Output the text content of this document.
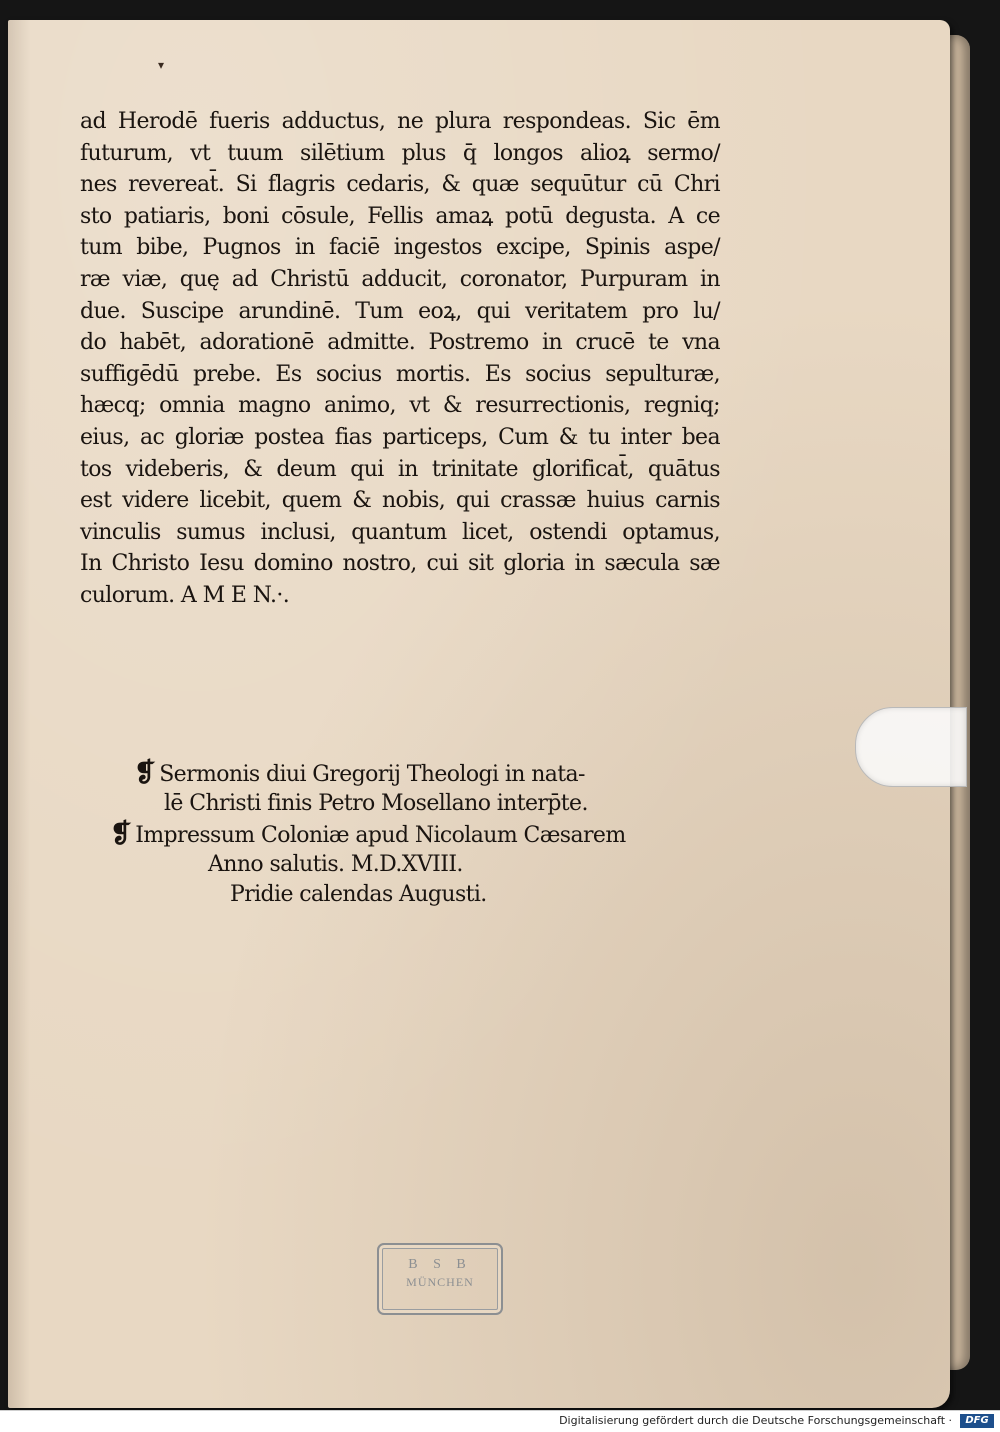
▾
ad Herodē fueris adductus, ne plura respondeas. Sic ēm
futurum, vt tuum silētium plus q̄ longos alioꝝ sermo/
nes revereat̄. Si flagris cedaris, & quæ sequūtur cū Chri
sto patiaris, boni cōsule, Fellis amaꝝ potū degusta. A ce
tum bibe, Pugnos in faciē ingestos excipe, Spinis aspe/
ræ viæ, quę ad Christū adducit, coronator, Purpuram in
due. Suscipe arundinē. Tum eoꝝ, qui veritatem pro lu/
do habēt, adorationē admitte. Postremo in crucē te vna
suffigēdū prebe. Es socius mortis. Es socius sepulturæ,
hæcq; omnia magno animo, vt & resurrectionis, regniq;
eius, ac gloriæ postea fias particeps, Cum & tu inter bea
tos videberis, & deum qui in trinitate glorificat̄, quātus
est videre licebit, quem & nobis, qui crassæ huius carnis
vinculis sumus inclusi, quantum licet, ostendi optamus,
In Christo Iesu domino nostro, cui sit gloria in sæcula sæ
culorum. A M E N.·.
❡ Sermonis diui Gregorij Theologi in nata-
lē Christi finis Petro Mosellano interp̄te.
❡ Impressum Coloniæ apud Nicolaum Cæsarem
Anno salutis. M.D.XVIII.
Pridie calendas Augusti.
B S B
MÜNCHEN
Digitalisierung gefördert durch die Deutsche Forschungsgemeinschaft ·	DFG
